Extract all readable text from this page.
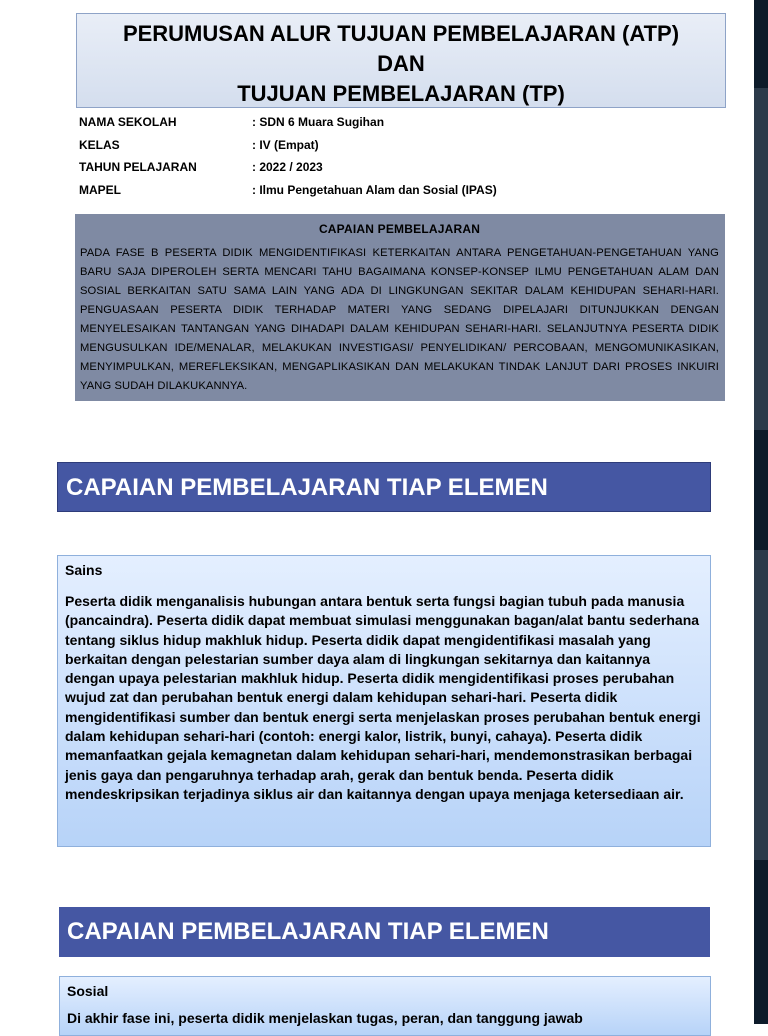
PERUMUSAN ALUR TUJUAN PEMBELAJARAN (ATP)
DAN
TUJUAN PEMBELAJARAN (TP)
NAMA SEKOLAH	: SDN 6 Muara Sugihan
KELAS	: IV (Empat)
TAHUN PELAJARAN	: 2022 / 2023
MAPEL	: Ilmu Pengetahuan Alam dan Sosial (IPAS)
CAPAIAN PEMBELAJARAN
PADA FASE B PESERTA DIDIK MENGIDENTIFIKASI KETERKAITAN ANTARA PENGETAHUAN-PENGETAHUAN YANG BARU SAJA DIPEROLEH SERTA MENCARI TAHU BAGAIMANA KONSEP-KONSEP ILMU PENGETAHUAN ALAM DAN SOSIAL BERKAITAN SATU SAMA LAIN YANG ADA DI LINGKUNGAN SEKITAR DALAM KEHIDUPAN SEHARI-HARI. PENGUASAAN PESERTA DIDIK TERHADAP MATERI YANG SEDANG DIPELAJARI DITUNJUKKAN DENGAN MENYELESAIKAN TANTANGAN YANG DIHADAPI DALAM KEHIDUPAN SEHARI-HARI. SELANJUTNYA PESERTA DIDIK MENGUSULKAN IDE/MENALAR, MELAKUKAN INVESTIGASI/ PENYELIDIKAN/ PERCOBAAN, MENGOMUNIKASIKAN, MENYIMPULKAN, MEREFLEKSIKAN, MENGAPLIKASIKAN DAN MELAKUKAN TINDAK LANJUT DARI PROSES INKUIRI YANG SUDAH DILAKUKANNYA.
CAPAIAN PEMBELAJARAN TIAP ELEMEN
Sains
Peserta didik menganalisis hubungan antara bentuk serta fungsi bagian tubuh pada manusia (pancaindra). Peserta didik dapat membuat simulasi menggunakan bagan/alat bantu sederhana tentang siklus hidup makhluk hidup. Peserta didik dapat mengidentifikasi masalah yang berkaitan dengan pelestarian sumber daya alam di lingkungan sekitarnya dan kaitannya dengan upaya pelestarian makhluk hidup. Peserta didik mengidentifikasi proses perubahan wujud zat dan perubahan bentuk energi dalam kehidupan sehari-hari. Peserta didik mengidentifikasi sumber dan bentuk energi serta menjelaskan proses perubahan bentuk energi dalam kehidupan sehari-hari (contoh: energi kalor, listrik, bunyi, cahaya). Peserta didik memanfaatkan gejala kemagnetan dalam kehidupan sehari-hari, mendemonstrasikan berbagai jenis gaya dan pengaruhnya terhadap arah, gerak dan bentuk benda. Peserta didik mendeskripsikan terjadinya siklus air dan kaitannya dengan upaya menjaga ketersediaan air.
CAPAIAN PEMBELAJARAN TIAP ELEMEN
Sosial
Di akhir fase ini, peserta didik menjelaskan tugas, peran, dan tanggung jawab
